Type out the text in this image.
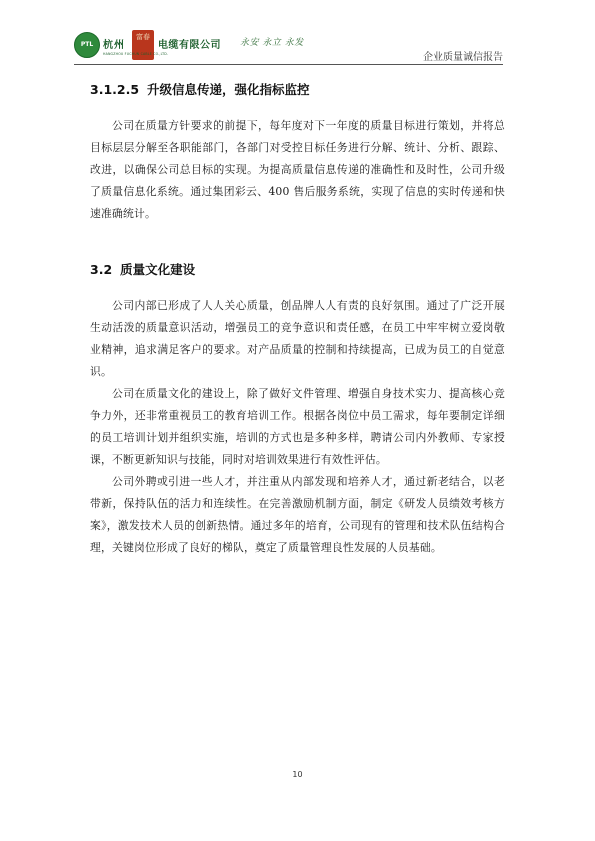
PTL 杭州
富春
电缆有限公司
HANGZHOU FUCHUN CABLE CO.,LTD.
永安 永立 永发
企业质量诚信报告
3.1.2.5 升级信息传递，强化指标监控

公司在质量方针要求的前提下，每年度对下一年度的质量目标进行策划，并将总目标层层分解至各职能部门，各部门对受控目标任务进行分解、统计、分析、跟踪、改进，以确保公司总目标的实现。为提高质量信息传递的准确性和及时性，公司升级了质量信息化系统。通过集团彩云、400 售后服务系统，实现了信息的实时传递和快速准确统计。

3.2 质量文化建设

公司内部已形成了人人关心质量，创品牌人人有责的良好氛围。通过了广泛开展生动活泼的质量意识活动，增强员工的竞争意识和责任感，在员工中牢牢树立爱岗敬业精神，追求满足客户的要求。对产品质量的控制和持续提高，已成为员工的自觉意识。

公司在质量文化的建设上，除了做好文件管理、增强自身技术实力、提高核心竞争力外，还非常重视员工的教育培训工作。根据各岗位中员工需求，每年要制定详细的员工培训计划并组织实施，培训的方式也是多种多样，聘请公司内外教师、专家授课，不断更新知识与技能，同时对培训效果进行有效性评估。

公司外聘或引进一些人才，并注重从内部发现和培养人才，通过新老结合，以老带新，保持队伍的活力和连续性。在完善激励机制方面，制定《研发人员绩效考核方案》，激发技术人员的创新热情。通过多年的培育，公司现有的管理和技术队伍结构合理，关键岗位形成了良好的梯队，奠定了质量管理良性发展的人员基础。

10
